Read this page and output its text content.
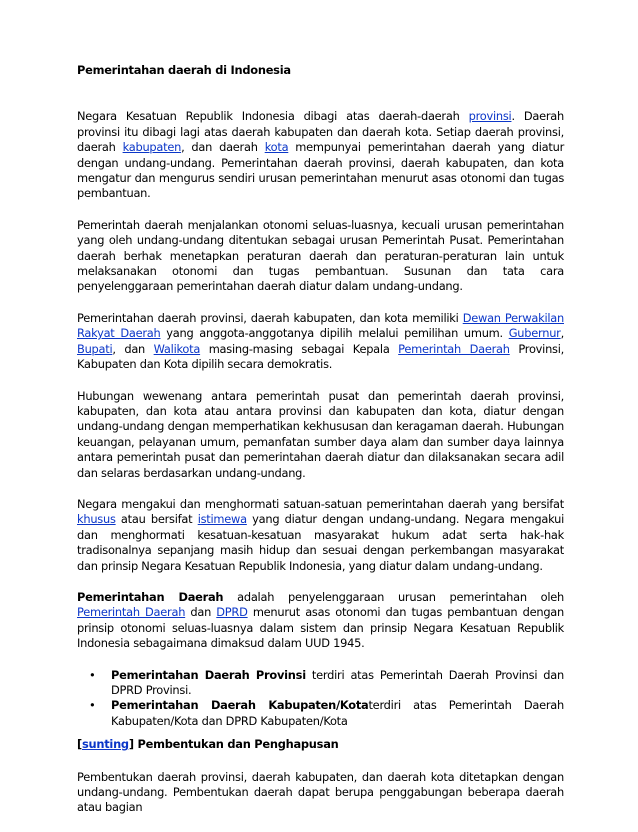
Pemerintahan daerah di Indonesia

Negara Kesatuan Republik Indonesia dibagi atas daerah-daerah provinsi. Daerah provinsi itu dibagi lagi atas daerah kabupaten dan daerah kota. Setiap daerah provinsi, daerah kabupaten, dan daerah kota mempunyai pemerintahan daerah yang diatur dengan undang-undang. Pemerintahan daerah provinsi, daerah kabupaten, dan kota mengatur dan mengurus sendiri urusan pemerintahan menurut asas otonomi dan tugas pembantuan.

Pemerintah daerah menjalankan otonomi seluas-luasnya, kecuali urusan pemerintahan yang oleh undang-undang ditentukan sebagai urusan Pemerintah Pusat. Pemerintahan daerah berhak menetapkan peraturan daerah dan peraturan-peraturan lain untuk melaksanakan otonomi dan tugas pembantuan. Susunan dan tata cara penyelenggaraan pemerintahan daerah diatur dalam undang-undang.

Pemerintahan daerah provinsi, daerah kabupaten, dan kota memiliki Dewan Perwakilan Rakyat Daerah yang anggota-anggotanya dipilih melalui pemilihan umum. Gubernur, Bupati, dan Walikota masing-masing sebagai Kepala Pemerintah Daerah Provinsi, Kabupaten dan Kota dipilih secara demokratis.

Hubungan wewenang antara pemerintah pusat dan pemerintah daerah provinsi, kabupaten, dan kota atau antara provinsi dan kabupaten dan kota, diatur dengan undang-undang dengan memperhatikan kekhususan dan keragaman daerah. Hubungan keuangan, pelayanan umum, pemanfatan sumber daya alam dan sumber daya lainnya antara pemerintah pusat dan pemerintahan daerah diatur dan dilaksanakan secara adil dan selaras berdasarkan undang-undang.

Negara mengakui dan menghormati satuan-satuan pemerintahan daerah yang bersifat khusus atau bersifat istimewa yang diatur dengan undang-undang. Negara mengakui dan menghormati kesatuan-kesatuan masyarakat hukum adat serta hak-hak tradisonalnya sepanjang masih hidup dan sesuai dengan perkembangan masyarakat dan prinsip Negara Kesatuan Republik Indonesia, yang diatur dalam undang-undang.

Pemerintahan Daerah adalah penyelenggaraan urusan pemerintahan oleh Pemerintah Daerah dan DPRD menurut asas otonomi dan tugas pembantuan dengan prinsip otonomi seluas-luasnya dalam sistem dan prinsip Negara Kesatuan Republik Indonesia sebagaimana dimaksud dalam UUD 1945.

• Pemerintahan Daerah Provinsi terdiri atas Pemerintah Daerah Provinsi dan DPRD Provinsi.
• Pemerintahan Daerah Kabupaten/Kotaterdiri atas Pemerintah Daerah Kabupaten/Kota dan DPRD Kabupaten/Kota
[sunting] Pembentukan dan Penghapusan

Pembentukan daerah provinsi, daerah kabupaten, dan daerah kota ditetapkan dengan undang-undang. Pembentukan daerah dapat berupa penggabungan beberapa daerah atau bagian
